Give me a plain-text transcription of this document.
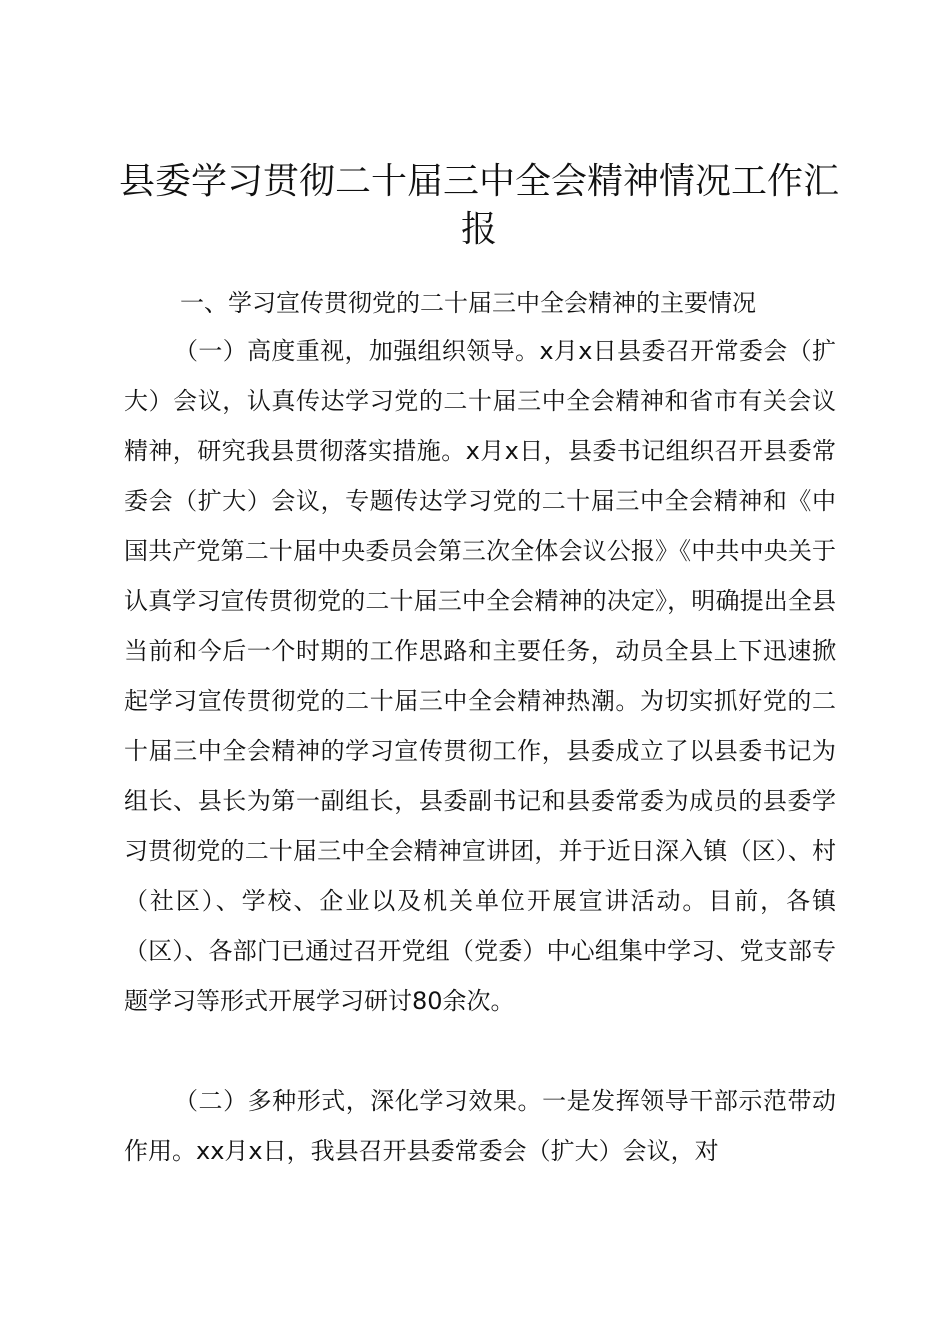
县委学习贯彻二十届三中全会精神情况工作汇报

一、学习宣传贯彻党的二十届三中全会精神的主要情况

（一）高度重视，加强组织领导。x月x日县委召开常委会（扩大）会议，认真传达学习党的二十届三中全会精神和省市有关会议精神，研究我县贯彻落实措施。x月x日，县委书记组织召开县委常委会（扩大）会议，专题传达学习党的二十届三中全会精神和《中国共产党第二十届中央委员会第三次全体会议公报》《中共中央关于认真学习宣传贯彻党的二十届三中全会精神的决定》，明确提出全县当前和今后一个时期的工作思路和主要任务，动员全县上下迅速掀起学习宣传贯彻党的二十届三中全会精神热潮。为切实抓好党的二十届三中全会精神的学习宣传贯彻工作，县委成立了以县委书记为组长、县长为第一副组长，县委副书记和县委常委为成员的县委学习贯彻党的二十届三中全会精神宣讲团，并于近日深入镇（区）、村（社区）、学校、企业以及机关单位开展宣讲活动。目前，各镇（区）、各部门已通过召开党组（党委）中心组集中学习、党支部专题学习等形式开展学习研讨80余次。

（二）多种形式，深化学习效果。一是发挥领导干部示范带动作用。xx月x日，我县召开县委常委会（扩大）会议，对
